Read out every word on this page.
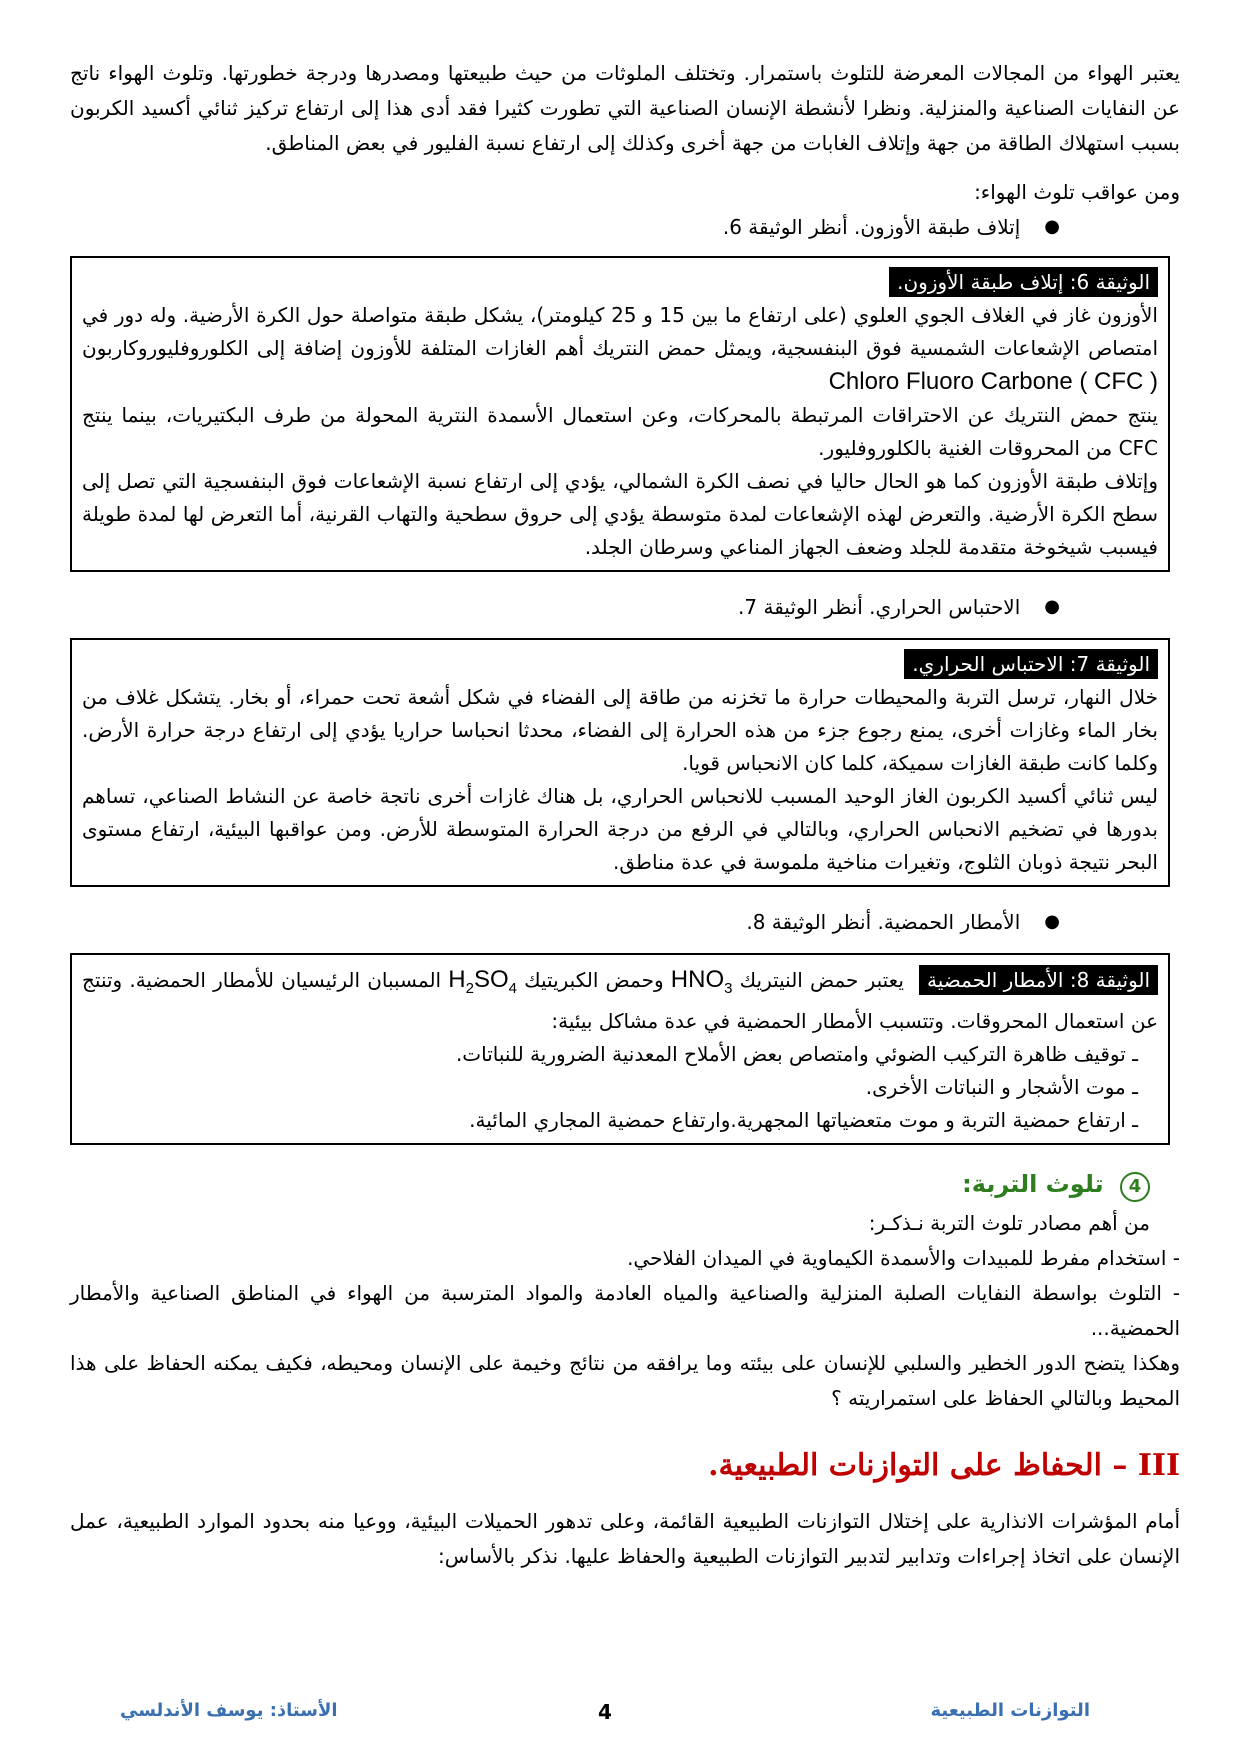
يعتبر الهواء من المجالات المعرضة للتلوث باستمرار. وتختلف الملوثات من حيث طبيعتها ومصدرها ودرجة خطورتها. وتلوث الهواء ناتج عن النفايات الصناعية والمنزلية. ونظرا لأنشطة الإنسان الصناعية التي تطورت كثيرا فقد أدى هذا إلى ارتفاع تركيز ثنائي أكسيد الكربون بسبب استهلاك الطاقة من جهة وإتلاف الغابات من جهة أخرى وكذلك إلى ارتفاع نسبة الفليور في بعض المناطق.

ومن عواقب تلوث الهواء:

●
إتلاف طبقة الأوزون. أنظر الوثيقة 6.

الوثيقة 6: إتلاف طبقة الأوزون.

الأوزون غاز في الغلاف الجوي العلوي (على ارتفاع ما بين 15 و 25 كيلومتر)، يشكل طبقة متواصلة حول الكرة الأرضية. وله دور في امتصاص الإشعاعات الشمسية فوق البنفسجية، ويمثل حمض النتريك أهم الغازات المتلفة للأوزون إضافة إلى الكلوروفليوروكاربون Chloro Fluoro Carbone ( CFC )

ينتج حمض النتريك عن الاحتراقات المرتبطة بالمحركات، وعن استعمال الأسمدة النترية المحولة من طرف البكتيريات، بينما ينتج CFC من المحروقات الغنية بالكلوروفليور.

وإتلاف طبقة الأوزون كما هو الحال حاليا في نصف الكرة الشمالي، يؤدي إلى ارتفاع نسبة الإشعاعات فوق البنفسجية التي تصل إلى سطح الكرة الأرضية. والتعرض لهذه الإشعاعات لمدة متوسطة يؤدي إلى حروق سطحية والتهاب القرنية، أما التعرض لها لمدة طويلة فيسبب شيخوخة متقدمة للجلد وضعف الجهاز المناعي وسرطان الجلد.

●
الاحتباس الحراري. أنظر الوثيقة 7.

الوثيقة 7: الاحتباس الحراري.

خلال النهار، ترسل التربة والمحيطات حرارة ما تخزنه من طاقة إلى الفضاء في شكل أشعة تحت حمراء، أو بخار. يتشكل غلاف من بخار الماء وغازات أخرى، يمنع رجوع جزء من هذه الحرارة إلى الفضاء، محدثا انحباسا حراريا يؤدي إلى ارتفاع درجة حرارة الأرض. وكلما كانت طبقة الغازات سميكة، كلما كان الانحباس قويا.

ليس ثنائي أكسيد الكربون الغاز الوحيد المسبب للانحباس الحراري، بل هناك غازات أخرى ناتجة خاصة عن النشاط الصناعي، تساهم بدورها في تضخيم الانحباس الحراري، وبالتالي في الرفع من درجة الحرارة المتوسطة للأرض. ومن عواقبها البيئية، ارتفاع مستوى البحر نتيجة ذوبان الثلوج، وتغيرات مناخية ملموسة في عدة مناطق.

●
الأمطار الحمضية. أنظر الوثيقة 8.

الوثيقة 8: الأمطار الحمضية يعتبر حمض النيتريك $HNO_3$ وحمض الكبريتيك $H_2SO_4$ المسببان الرئيسيان للأمطار الحمضية. وتنتج عن استعمال المحروقات. وتتسبب الأمطار الحمضية في عدة مشاكل بيئية:

ـ توقيف ظاهرة التركيب الضوئي وامتصاص بعض الأملاح المعدنية الضرورية للنباتات.
ـ موت الأشجار و النباتات الأخرى.
ـ ارتفاع حمضية التربة و موت متعضياتها المجهرية.وارتفاع حمضية المجاري المائية.
4 تلوث التربة:

من أهم مصادر تلوث التربة نـذكـر:

- استخدام مفرط للمبيدات والأسمدة الكيماوية في الميدان الفلاحي.

- التلوث بواسطة النفايات الصلبة المنزلية والصناعية والمياه العادمة والمواد المترسبة من الهواء في المناطق الصناعية والأمطار الحمضية...

وهكذا يتضح الدور الخطير والسلبي للإنسان على بيئته وما يرافقه من نتائج وخيمة على الإنسان ومحيطه، فكيف يمكنه الحفاظ على هذا المحيط وبالتالي الحفاظ على استمراريته ؟

III – الحفاظ على التوازنات الطبيعية.

أمام المؤشرات الانذارية على إختلال التوازنات الطبيعية القائمة، وعلى تدهور الحميلات البيئية، ووعيا منه بحدود الموارد الطبيعية، عمل الإنسان على اتخاذ إجراءات وتدابير لتدبير التوازنات الطبيعية والحفاظ عليها. نذكر بالأساس:

التوازنات الطبيعية
4
الأستاذ: يوسف الأندلسي
